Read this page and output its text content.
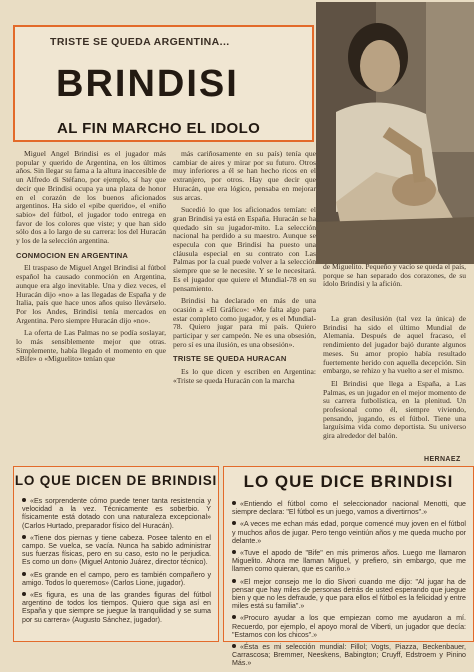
TRISTE SE QUEDA ARGENTINA...
BRINDISI
AL FIN MARCHO EL IDOLO
de Miguelito. Pequeño y vacío se queda el país, porque se han separado dos corazones, de su ídolo Brindisi y la afición.

Miguel Angel Brindisi es el jugador más popular y querido de Argentina, en los últimos años. Sin llegar su fama a la altura inaccesible de un Alfredo di Stéfano, por ejemplo, sí hay que decir que Brindisi ocupa ya una plaza de honor en el corazón de los buenos aficionados argentinos. Ha sido el «pibe querido», el «niño sabio» del fútbol, el jugador todo entrega en favor de los colores que viste; y que han sido sólo dos a lo largo de su carrera: los del Huracán y los de la selección argentina.

CONMOCION EN ARGENTINA

El traspaso de Miguel Angel Brindisi al fútbol español ha causado conmoción en Argentina, aunque era algo inevitable. Una y diez veces, el Huracán dijo «no» a las llegadas de España y de Italia, país que hace unos años quiso llevárselo. Por los Andes, Brindisi tenía mercados en Argentina. Pero siempre Huracán dijo «no».

La oferta de Las Palmas no se podía soslayar, lo más sensiblemente mejor que otras. Simplemente, había llegado el momento en que «Bife» o «Miguelito» tenían que

más cariñosamente en su país) tenía que cambiar de aires y mirar por su futuro. Otros muy inferiores a él se han hecho ricos en el extranjero, por otros. Hay que decir que Huracán, que era lógico, pensaba en mejorar sus arcas.

Sucedió lo que los aficionados temían: el gran Brindisi ya está en España. Huracán se ha quedado sin su jugador-mito. La selección nacional ha perdido a su maestro. Aunque se especula con que Brindisi ha puesto una cláusula especial en su contrato con Las Palmas por la cual puede volver a la selección siempre que se le necesite. Y se le necesitará. Es el jugador que quiere el Mundial-78 en su pensamiento.

Brindisi ha declarado en más de una ocasión a «El Gráfico»: «Me falta algo para estar completo como jugador, y es el Mundial-78. Quiero jugar para mi país. Quiero participar y ser campeón. Ne es una obsesión, pero sí es una ilusión, es una obsesión».

TRISTE SE QUEDA HURACAN

Es lo que dicen y escriben en Argentina: «Triste se queda Huracán con la marcha

La gran desilusión (tal vez la única) de Brindisi ha sido el último Mundial de Alemania. Después de aquel fracaso, el rendimiento del jugador bajó durante algunos meses. Su amor propio había resultado fuertemente herido con aquella decepción. Sin embargo, se rehizo y ha vuelto a ser el mismo.

El Brindisi que llega a España, a Las Palmas, es un jugador en el mejor momento de su carrera futbolística, en la plenitud. Un profesional como él, siempre viviendo, pensando, jugando, es el fútbol. Tiene una larguísima vida como deportista. Su universo gira alrededor del balón.

HERNAEZ
LO QUE DICEN DE BRINDISI
«Es sorprendente cómo puede tener tanta resistencia y velocidad a la vez. Técnicamente es soberbio. Y físicamente está dotado con una naturaleza excepcional» (Carlos Hurtado, preparador físico del Huracán).
«Tiene dos piernas y tiene cabeza. Posee talento en el campo. Se vuelca, se vacía. Nunca ha sabido administrar sus fuerzas físicas, pero en su caso, esto no le perjudica. Es como un don» (Miguel Antonio Juárez, director técnico).
«Es grande en el campo, pero es también compañero y amigo. Todos lo queremos» (Carlos Lione, jugador).
«Es figura, es una de las grandes figuras del fútbol argentino de todos los tiempos. Quiero que siga así en España y que siempre se juegue la tranquilidad y se suma por su carrera» (Augusto Sánchez, jugador).
LO QUE DICE BRINDISI
«Entiendo el fútbol como el seleccionador nacional Menotti, que siempre declara: "El fútbol es un juego, vamos a divertirnos".»
«A veces me echan más edad, porque comencé muy joven en el fútbol y muchos años de jugar. Pero tengo veintiún años y me queda mucho por delante.»
«Tuve el apodo de "Bife" en mis primeros años. Luego me llamaron Miguelito. Ahora me llaman Miguel, y prefiero, sin embargo, que me llamen como quieran, que es cariño.»
«El mejor consejo me lo dio Sívori cuando me dijo: "Al jugar ha de pensar que hay miles de personas detrás de usted esperando que juegue bien y que no les defraude, y que para ellos el fútbol es la felicidad y entre miles está su familia".»
«Procuro ayudar a los que empiezan como me ayudaron a mí. Recuerdo, por ejemplo, el apoyo moral de Viberti, un jugador que decía: "Estamos con los chicos".»
«Ésta es mi selección mundial: Fillol; Vogts, Piazza, Beckenbauer, Carrascosa; Bremmer, Neeskens, Babington; Cruyff, Edstroem y Pinino Más.»
